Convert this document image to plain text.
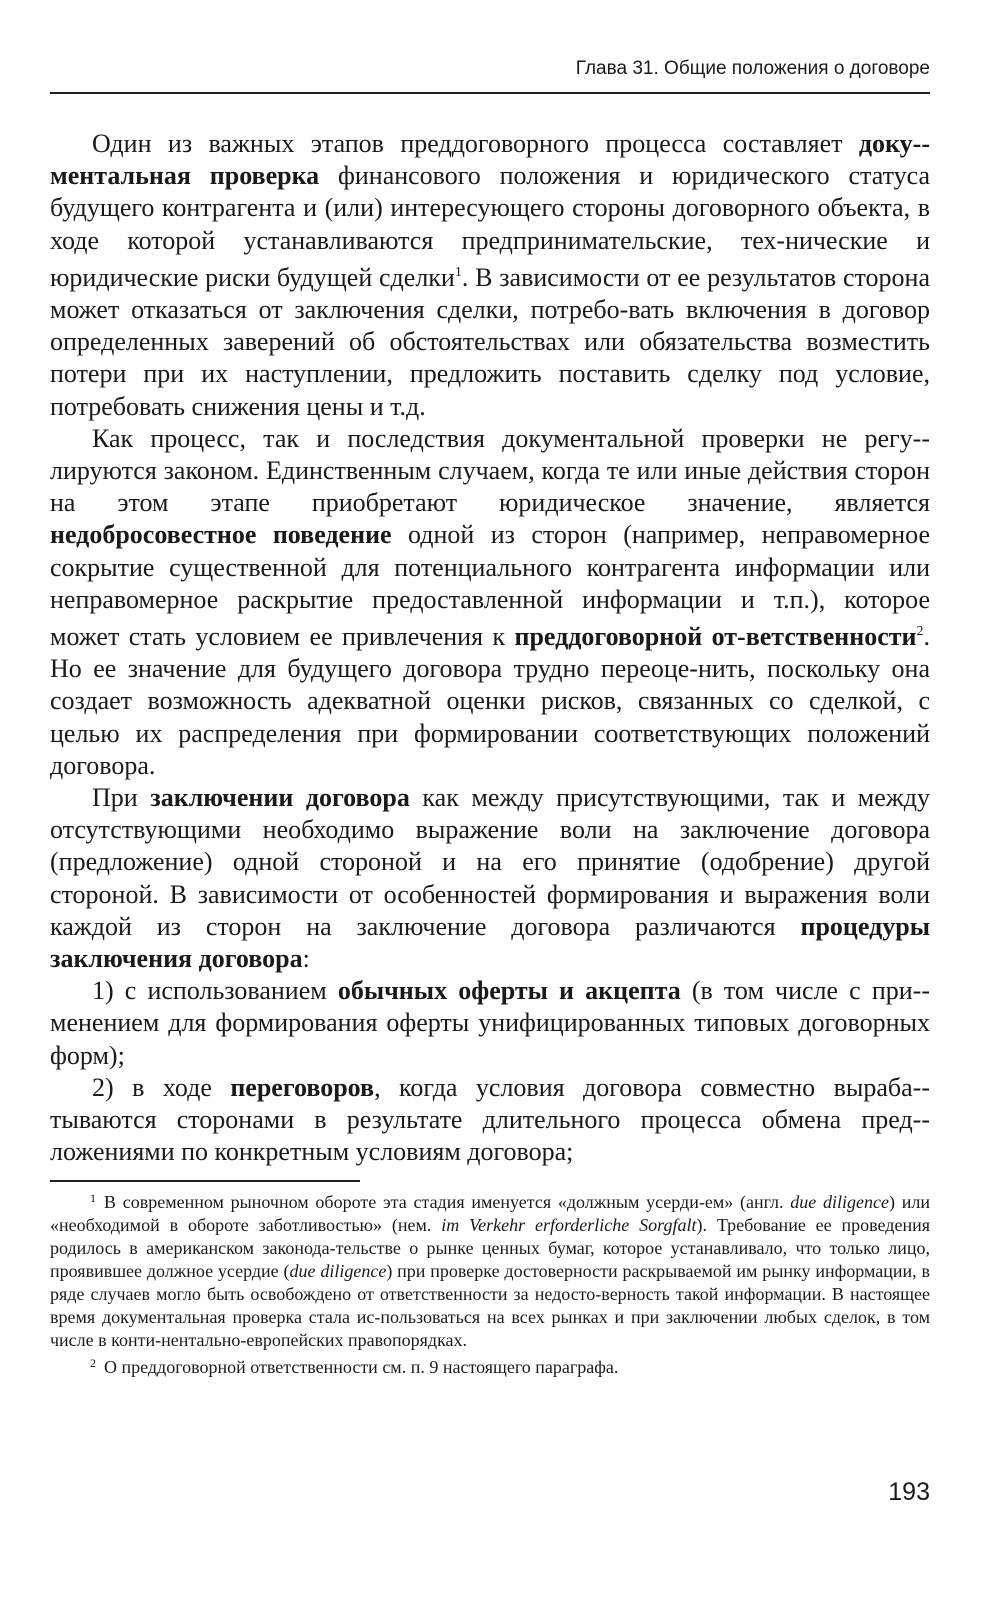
Глава 31. Общие положения о договоре

Один из важных этапов преддоговорного процесса составляет доку-ментальная проверка финансового положения и юридического статуса будущего контрагента и (или) интересующего стороны договорного объекта, в ходе которой устанавливаются предпринимательские, тех-нические и юридические риски будущей сделки$^1$. В зависимости от ее результатов сторона может отказаться от заключения сделки, потребо-вать включения в договор определенных заверений об обстоятельствах или обязательства возместить потери при их наступлении, предложить поставить сделку под условие, потребовать снижения цены и т.д.

Как процесс, так и последствия документальной проверки не регу-лируются законом. Единственным случаем, когда те или иные действия сторон на этом этапе приобретают юридическое значение, является недобросовестное поведение одной из сторон (например, неправомерное сокрытие существенной для потенциального контрагента информации или неправомерное раскрытие предоставленной информации и т.п.), которое может стать условием ее привлечения к преддоговорной от-ветственности$^2$. Но ее значение для будущего договора трудно переоце-нить, поскольку она создает возможность адекватной оценки рисков, связанных со сделкой, с целью их распределения при формировании соответствующих положений договора.

При заключении договора как между присутствующими, так и между отсутствующими необходимо выражение воли на заключение договора (предложение) одной стороной и на его принятие (одобрение) другой стороной. В зависимости от особенностей формирования и выражения воли каждой из сторон на заключение договора различаются процедуры заключения договора:

1) с использованием обычных оферты и акцепта (в том числе с при-менением для формирования оферты унифицированных типовых договорных форм);

2) в ходе переговоров, когда условия договора совместно выраба-тываются сторонами в результате длительного процесса обмена пред-ложениями по конкретным условиям договора;

$^1$ В современном рыночном обороте эта стадия именуется «должным усерди-ем» (англ. due diligence) или «необходимой в обороте заботливостью» (нем. im Verkehr erforderliche Sorgfalt). Требование ее проведения родилось в американском законода-тельстве о рынке ценных бумаг, которое устанавливало, что только лицо, проявившее должное усердие (due diligence) при проверке достоверности раскрываемой им рынку информации, в ряде случаев могло быть освобождено от ответственности за недосто-верность такой информации. В настоящее время документальная проверка стала ис-пользоваться на всех рынках и при заключении любых сделок, в том числе в конти-нентально-европейских правопорядках.

$^2$ О преддоговорной ответственности см. п. 9 настоящего параграфа.

193
